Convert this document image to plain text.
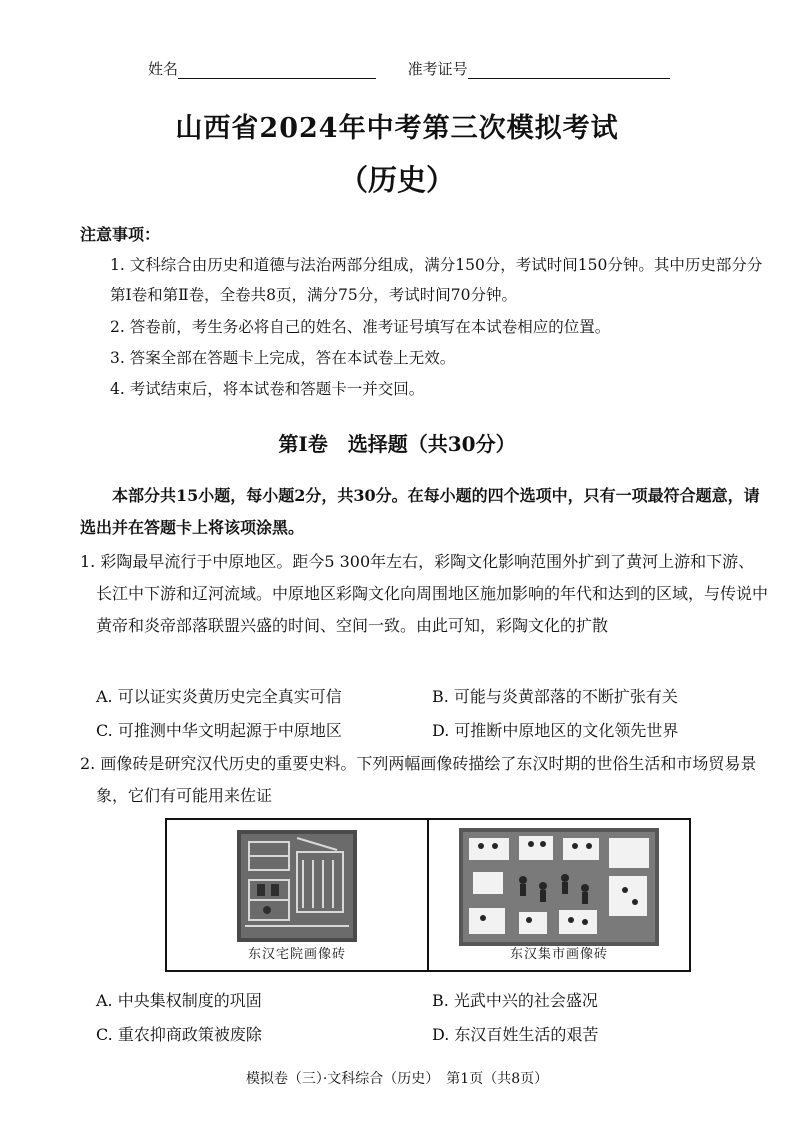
姓名	准考证号
山西省2024年中考第三次模拟考试
（历史）
注意事项：
1. 文科综合由历史和道德与法治两部分组成，满分150分，考试时间150分钟。其中历史部分分第Ⅰ卷和第Ⅱ卷，全卷共8页，满分75分，考试时间70分钟。
2. 答卷前，考生务必将自己的姓名、准考证号填写在本试卷相应的位置。
3. 答案全部在答题卡上完成，答在本试卷上无效。
4. 考试结束后，将本试卷和答题卡一并交回。
第Ⅰ卷　选择题（共30分）
本部分共15小题，每小题2分，共30分。在每小题的四个选项中，只有一项最符合题意，请选出并在答题卡上将该项涂黑。
1. 彩陶最早流行于中原地区。距今5 300年左右，彩陶文化影响范围外扩到了黄河上游和下游、长江中下游和辽河流域。中原地区彩陶文化向周围地区施加影响的年代和达到的区域，与传说中黄帝和炎帝部落联盟兴盛的时间、空间一致。由此可知，彩陶文化的扩散
A. 可以证实炎黄历史完全真实可信	B. 可能与炎黄部落的不断扩张有关
C. 可推测中华文明起源于中原地区	D. 可推断中原地区的文化领先世界
2. 画像砖是研究汉代历史的重要史料。下列两幅画像砖描绘了东汉时期的世俗生活和市场贸易景象，它们有可能用来佐证
东汉宅院画像砖	东汉集市画像砖
A. 中央集权制度的巩固	B. 光武中兴的社会盛况
C. 重农抑商政策被废除	D. 东汉百姓生活的艰苦
模拟卷（三）·文科综合（历史）　第1页（共8页）
